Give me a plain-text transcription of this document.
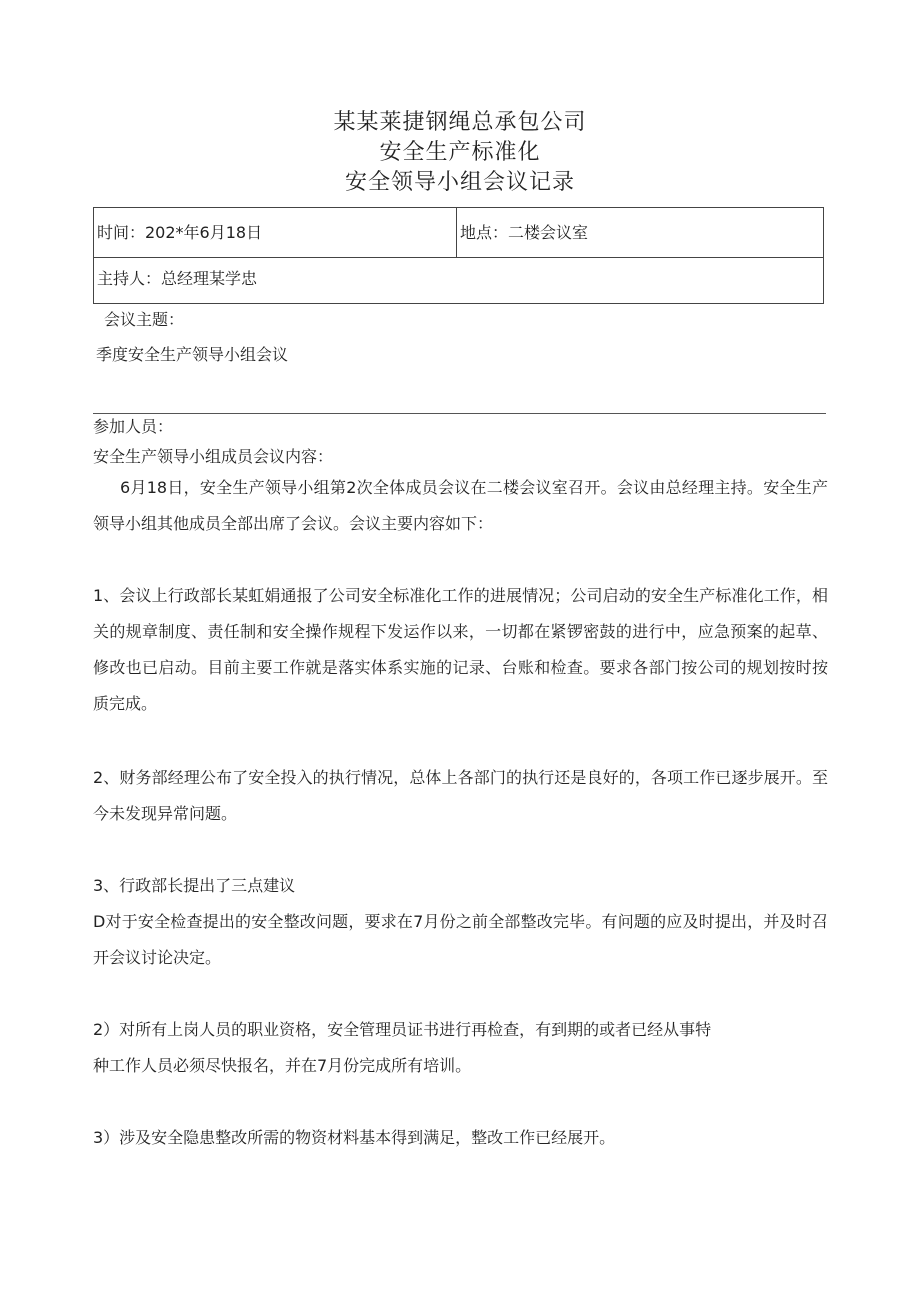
某某莱捷钢绳总承包公司
安全生产标准化
安全领导小组会议记录
时间：202*年6月18日	地点：二楼会议室
主持人：总经理某学忠
会议主题：
季度安全生产领导小组会议
参加人员：
安全生产领导小组成员会议内容：
6月18日，安全生产领导小组第2次全体成员会议在二楼会议室召开。会议由总经理主持。安全生产领导小组其他成员全部出席了会议。会议主要内容如下：
1、会议上行政部长某虹娟通报了公司安全标准化工作的进展情况；公司启动的安全生产标准化工作，相关的规章制度、责任制和安全操作规程下发运作以来，一切都在紧锣密鼓的进行中，应急预案的起草、修改也已启动。目前主要工作就是落实体系实施的记录、台账和检查。要求各部门按公司的规划按时按质完成。
2、财务部经理公布了安全投入的执行情况，总体上各部门的执行还是良好的，各项工作已逐步展开。至今未发现异常问题。
3、行政部长提出了三点建议
D对于安全检查提出的安全整改问题，要求在7月份之前全部整改完毕。有问题的应及时提出，并及时召开会议讨论决定。
2）对所有上岗人员的职业资格，安全管理员证书进行再检查，有到期的或者已经从事特
种工作人员必须尽快报名，并在7月份完成所有培训。
3）涉及安全隐患整改所需的物资材料基本得到满足，整改工作已经展开。
